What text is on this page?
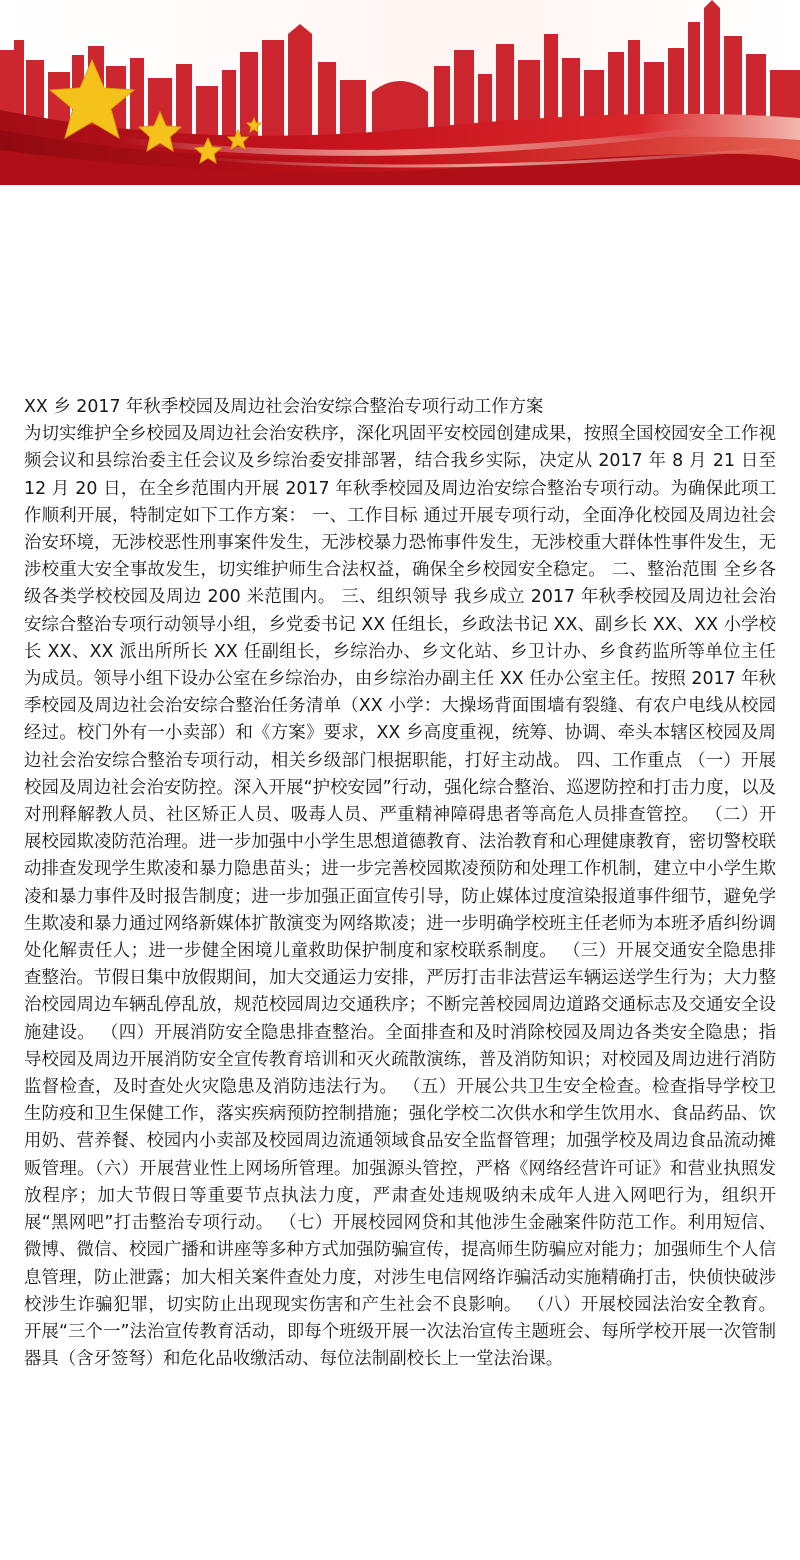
XX 乡 2017 年秋季校园及周边社会治安综合整治专项行动工作方案

为切实维护全乡校园及周边社会治安秩序，深化巩固平安校园创建成果，按照全国校园安全工作视频会议和县综治委主任会议及乡综治委安排部署，结合我乡实际，决定从 2017 年 8 月 21 日至 12 月 20 日，在全乡范围内开展 2017 年秋季校园及周边治安综合整治专项行动。为确保此项工作顺利开展，特制定如下工作方案： 一、工作目标 通过开展专项行动，全面净化校园及周边社会治安环境，无涉校恶性刑事案件发生，无涉校暴力恐怖事件发生，无涉校重大群体性事件发生，无涉校重大安全事故发生，切实维护师生合法权益，确保全乡校园安全稳定。 二、整治范围 全乡各级各类学校校园及周边 200 米范围内。 三、组织领导 我乡成立 2017 年秋季校园及周边社会治安综合整治专项行动领导小组，乡党委书记 XX 任组长，乡政法书记 XX、副乡长 XX、XX 小学校长 XX、XX 派出所所长 XX 任副组长，乡综治办、乡文化站、乡卫计办、乡食药监所等单位主任为成员。领导小组下设办公室在乡综治办，由乡综治办副主任 XX 任办公室主任。按照 2017 年秋季校园及周边社会治安综合整治任务清单（XX 小学：大操场背面围墙有裂缝、有农户电线从校园经过。校门外有一小卖部）和《方案》要求，XX 乡高度重视，统筹、协调、牵头本辖区校园及周边社会治安综合整治专项行动，相关乡级部门根据职能，打好主动战。 四、工作重点 （一）开展校园及周边社会治安防控。深入开展“护校安园”行动，强化综合整治、巡逻防控和打击力度，以及对刑释解教人员、社区矫正人员、吸毒人员、严重精神障碍患者等高危人员排查管控。 （二）开展校园欺凌防范治理。进一步加强中小学生思想道德教育、法治教育和心理健康教育，密切警校联动排查发现学生欺凌和暴力隐患苗头；进一步完善校园欺凌预防和处理工作机制，建立中小学生欺凌和暴力事件及时报告制度；进一步加强正面宣传引导，防止媒体过度渲染报道事件细节，避免学生欺凌和暴力通过网络新媒体扩散演变为网络欺凌；进一步明确学校班主任老师为本班矛盾纠纷调处化解责任人；进一步健全困境儿童救助保护制度和家校联系制度。 （三）开展交通安全隐患排查整治。节假日集中放假期间，加大交通运力安排，严厉打击非法营运车辆运送学生行为；大力整治校园周边车辆乱停乱放，规范校园周边交通秩序；不断完善校园周边道路交通标志及交通安全设施建设。 （四）开展消防安全隐患排查整治。全面排查和及时消除校园及周边各类安全隐患；指导校园及周边开展消防安全宣传教育培训和灭火疏散演练，普及消防知识；对校园及周边进行消防监督检查，及时查处火灾隐患及消防违法行为。 （五）开展公共卫生安全检查。检查指导学校卫生防疫和卫生保健工作，落实疾病预防控制措施；强化学校二次供水和学生饮用水、食品药品、饮用奶、营养餐、校园内小卖部及校园周边流通领域食品安全监督管理；加强学校及周边食品流动摊贩管理。（六）开展营业性上网场所管理。加强源头管控，严格《网络经营许可证》和营业执照发放程序；加大节假日等重要节点执法力度，严肃查处违规吸纳未成年人进入网吧行为，组织开展“黑网吧”打击整治专项行动。 （七）开展校园网贷和其他涉生金融案件防范工作。利用短信、微博、微信、校园广播和讲座等多种方式加强防骗宣传，提高师生防骗应对能力；加强师生个人信息管理，防止泄露；加大相关案件查处力度，对涉生电信网络诈骗活动实施精确打击，快侦快破涉校涉生诈骗犯罪，切实防止出现现实伤害和产生社会不良影响。 （八）开展校园法治安全教育。开展“三个一”法治宣传教育活动，即每个班级开展一次法治宣传主题班会、每所学校开展一次管制器具（含牙签弩）和危化品收缴活动、每位法制副校长上一堂法治课。
